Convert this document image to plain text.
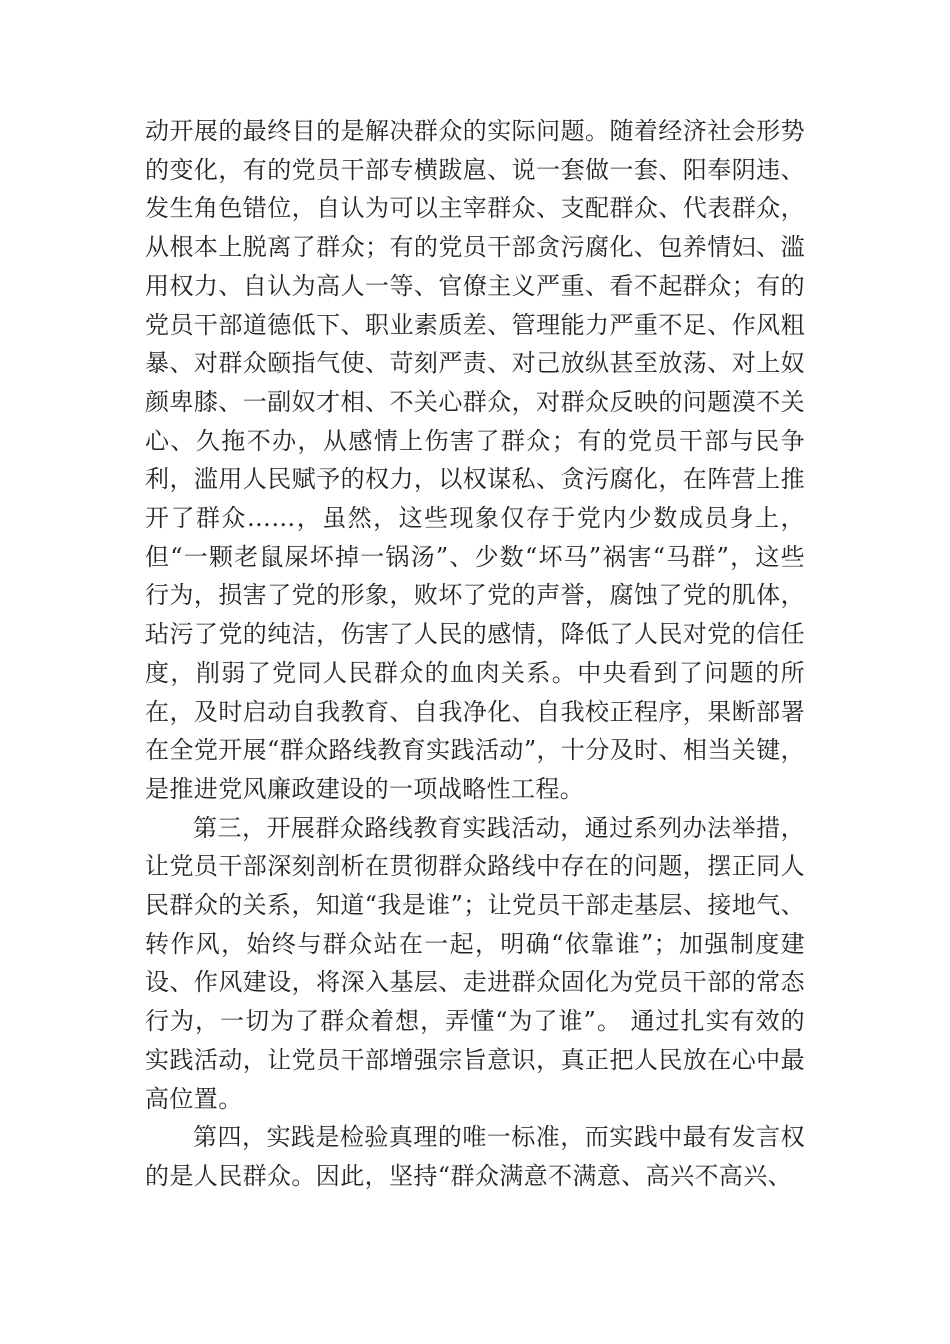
动开展的最终目的是解决群众的实际问题。随着经济社会形势的变化，有的党员干部专横跋扈、说一套做一套、阳奉阴违、发生角色错位，自认为可以主宰群众、支配群众、代表群众，从根本上脱离了群众；有的党员干部贪污腐化、包养情妇、滥用权力、自认为高人一等、官僚主义严重、看不起群众；有的党员干部道德低下、职业素质差、管理能力严重不足、作风粗暴、对群众颐指气使、苛刻严责、对己放纵甚至放荡、对上奴颜卑膝、一副奴才相、不关心群众，对群众反映的问题漠不关心、久拖不办，从感情上伤害了群众；有的党员干部与民争利，滥用人民赋予的权力，以权谋私、贪污腐化，在阵营上推开了群众……，虽然，这些现象仅存于党内少数成员身上，但“一颗老鼠屎坏掉一锅汤”、少数“坏马”祸害“马群”，这些行为，损害了党的形象，败坏了党的声誉，腐蚀了党的肌体，玷污了党的纯洁，伤害了人民的感情，降低了人民对党的信任度，削弱了党同人民群众的血肉关系。中央看到了问题的所在，及时启动自我教育、自我净化、自我校正程序，果断部署在全党开展“群众路线教育实践活动”，十分及时、相当关键，是推进党风廉政建设的一项战略性工程。

第三，开展群众路线教育实践活动，通过系列办法举措，让党员干部深刻剖析在贯彻群众路线中存在的问题，摆正同人民群众的关系，知道“我是谁”；让党员干部走基层、接地气、转作风，始终与群众站在一起，明确“依靠谁”；加强制度建设、作风建设，将深入基层、走进群众固化为党员干部的常态行为，一切为了群众着想，弄懂“为了谁”。 通过扎实有效的实践活动，让党员干部增强宗旨意识，真正把人民放在心中最高位置。

第四，实践是检验真理的唯一标准，而实践中最有发言权的是人民群众。因此，坚持“群众满意不满意、高兴不高兴、
